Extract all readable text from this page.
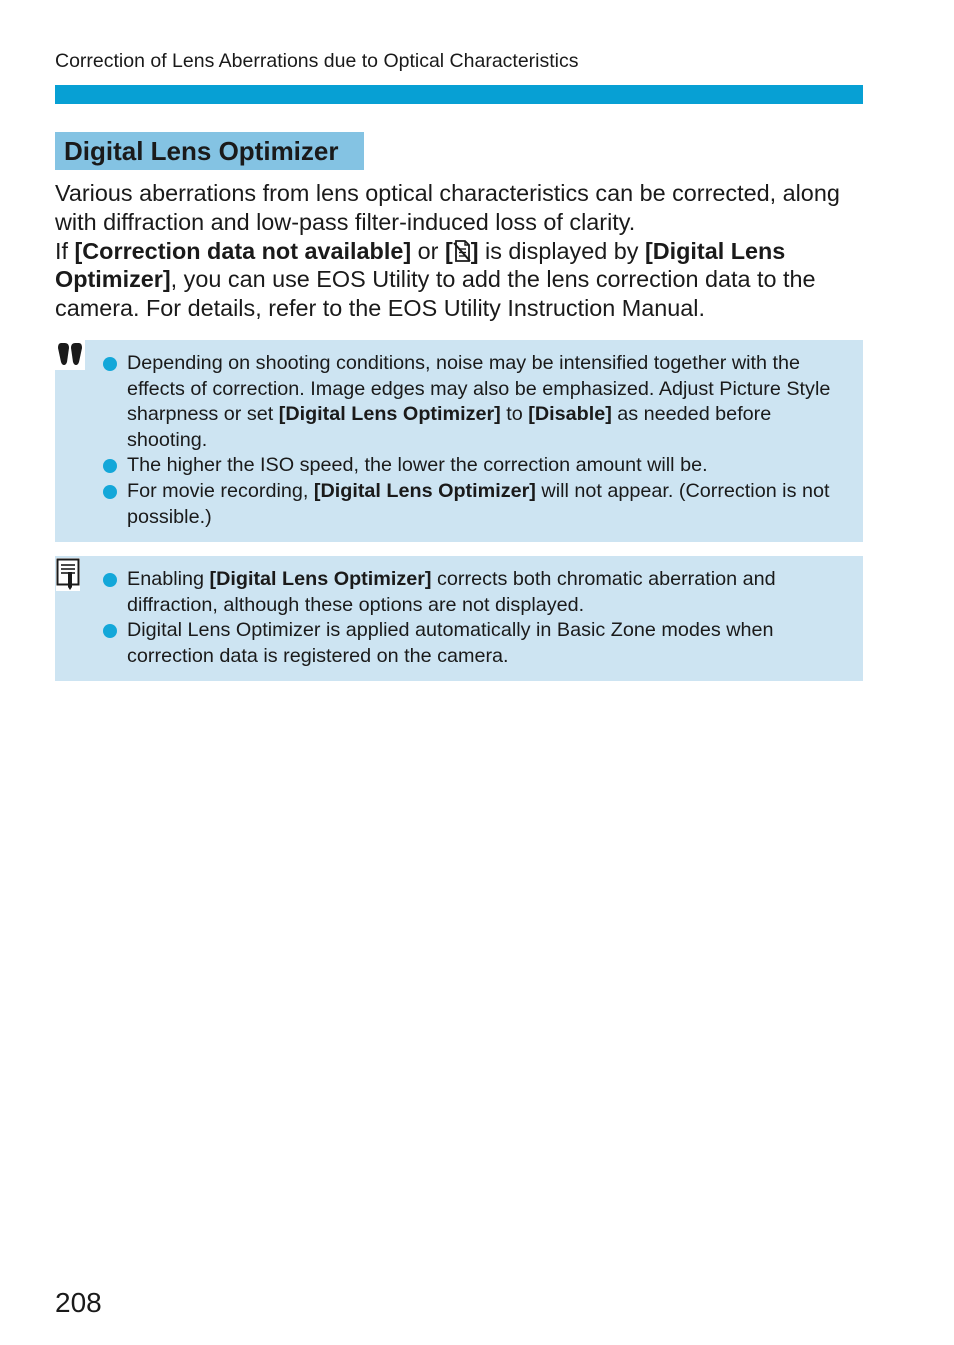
Correction of Lens Aberrations due to Optical Characteristics
Digital Lens Optimizer

Various aberrations from lens optical characteristics can be corrected, along with diffraction and low-pass filter-induced loss of clarity.

If [Correction data not available] or [ ] is displayed by [Digital Lens Optimizer], you can use EOS Utility to add the lens correction data to the camera. For details, refer to the EOS Utility Instruction Manual.

Depending on shooting conditions, noise may be intensified together with the effects of correction. Image edges may also be emphasized. Adjust Picture Style sharpness or set [Digital Lens Optimizer] to [Disable] as needed before shooting.
The higher the ISO speed, the lower the correction amount will be.
For movie recording, [Digital Lens Optimizer] will not appear. (Correction is not possible.)
Enabling [Digital Lens Optimizer] corrects both chromatic aberration and diffraction, although these options are not displayed.
Digital Lens Optimizer is applied automatically in Basic Zone modes when correction data is registered on the camera.
208
